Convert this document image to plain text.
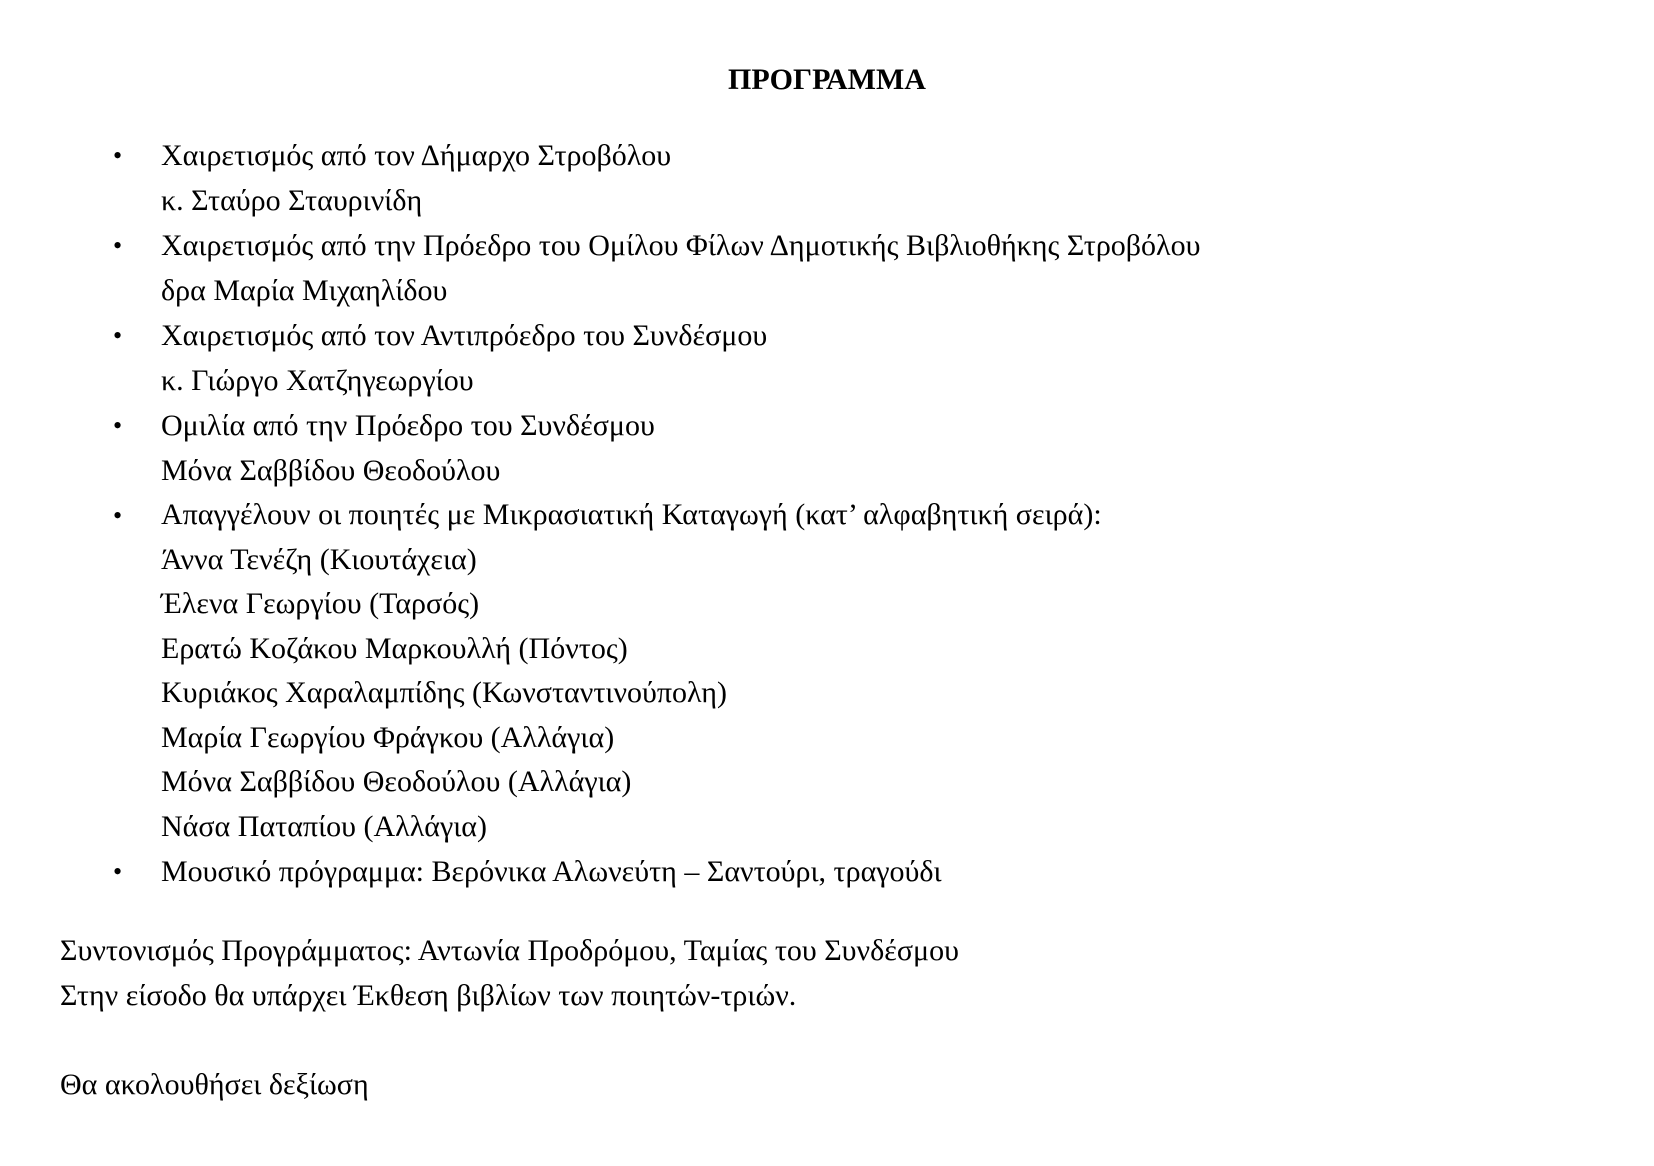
ΠΡΟΓΡΑΜΜΑ
• Χαιρετισμός από τον Δήμαρχο Στροβόλου
κ. Σταύρο Σταυρινίδη
• Χαιρετισμός από την Πρόεδρο του Ομίλου Φίλων Δημοτικής Βιβλιοθήκης Στροβόλου
δρα Μαρία Μιχαηλίδου
• Χαιρετισμός από τον Αντιπρόεδρο του Συνδέσμου
κ. Γιώργο Χατζηγεωργίου
• Ομιλία από την Πρόεδρο του Συνδέσμου
Μόνα Σαββίδου Θεοδούλου
• Απαγγέλουν οι ποιητές με Μικρασιατική Καταγωγή (κατ’ αλφαβητική σειρά):
Άννα Τενέζη (Κιουτάχεια)
Έλενα Γεωργίου (Ταρσός)
Ερατώ Κοζάκου Μαρκουλλή (Πόντος)
Κυριάκος Χαραλαμπίδης (Κωνσταντινούπολη)
Μαρία Γεωργίου Φράγκου (Αλλάγια)
Μόνα Σαββίδου Θεοδούλου (Αλλάγια)
Νάσα Παταπίου (Αλλάγια)
• Μουσικό πρόγραμμα: Βερόνικα Αλωνεύτη – Σαντούρι, τραγούδι
Συντονισμός Προγράμματος: Αντωνία Προδρόμου, Ταμίας του Συνδέσμου
Στην είσοδο θα υπάρχει Έκθεση βιβλίων των ποιητών-τριών.
Θα ακολουθήσει δεξίωση
